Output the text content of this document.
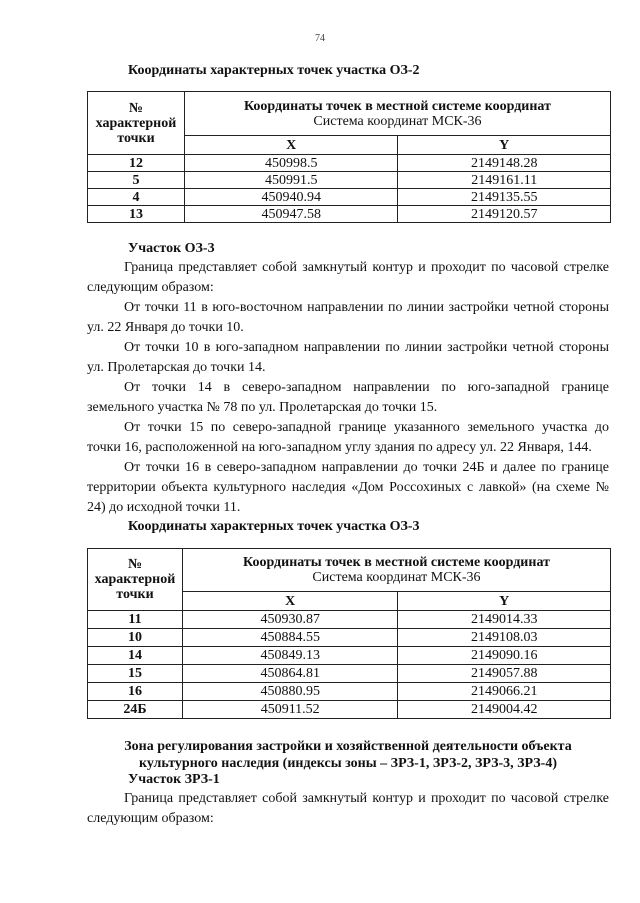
74
Координаты характерных точек участка ОЗ-2
№ характерной точки	Координаты точек в местной системе координат
Система координат МСК-36	

	X	Y
12	450998.5	2149148.28
5	450991.5	2149161.11
4	450940.94	2149135.55
13	450947.58	2149120.57
Участок ОЗ-3

Граница представляет собой замкнутый контур и проходит по часовой стрелке следующим образом:

От точки 11 в юго-восточном направлении по линии застройки четной стороны ул. 22 Января до точки 10.

От точки 10 в юго-западном направлении по линии застройки четной стороны ул. Пролетарская до точки 14.

От точки 14 в северо-западном направлении по юго-западной границе земельного участка № 78 по ул. Пролетарская до точки 15.

От точки 15 по северо-западной границе указанного земельного участка до точки 16, расположенной на юго-западном углу здания по адресу ул. 22 Января, 144.

От точки 16 в северо-западном направлении до точки 24Б и далее по границе территории объекта культурного наследия «Дом Россохиных с лавкой» (на схеме № 24) до исходной точки 11.

Координаты характерных точек участка ОЗ-3
№ характерной точки	Координаты точек в местной системе координат
Система координат МСК-36	

	X	Y
11	450930.87	2149014.33
10	450884.55	2149108.03
14	450849.13	2149090.16
15	450864.81	2149057.88
16	450880.95	2149066.21
24Б	450911.52	2149004.42
Зона регулирования застройки и хозяйственной деятельности объекта культурного наследия (индексы зоны – ЗРЗ-1, ЗРЗ-2, ЗРЗ-3, ЗРЗ-4)
Участок ЗРЗ-1

Граница представляет собой замкнутый контур и проходит по часовой стрелке следующим образом:
